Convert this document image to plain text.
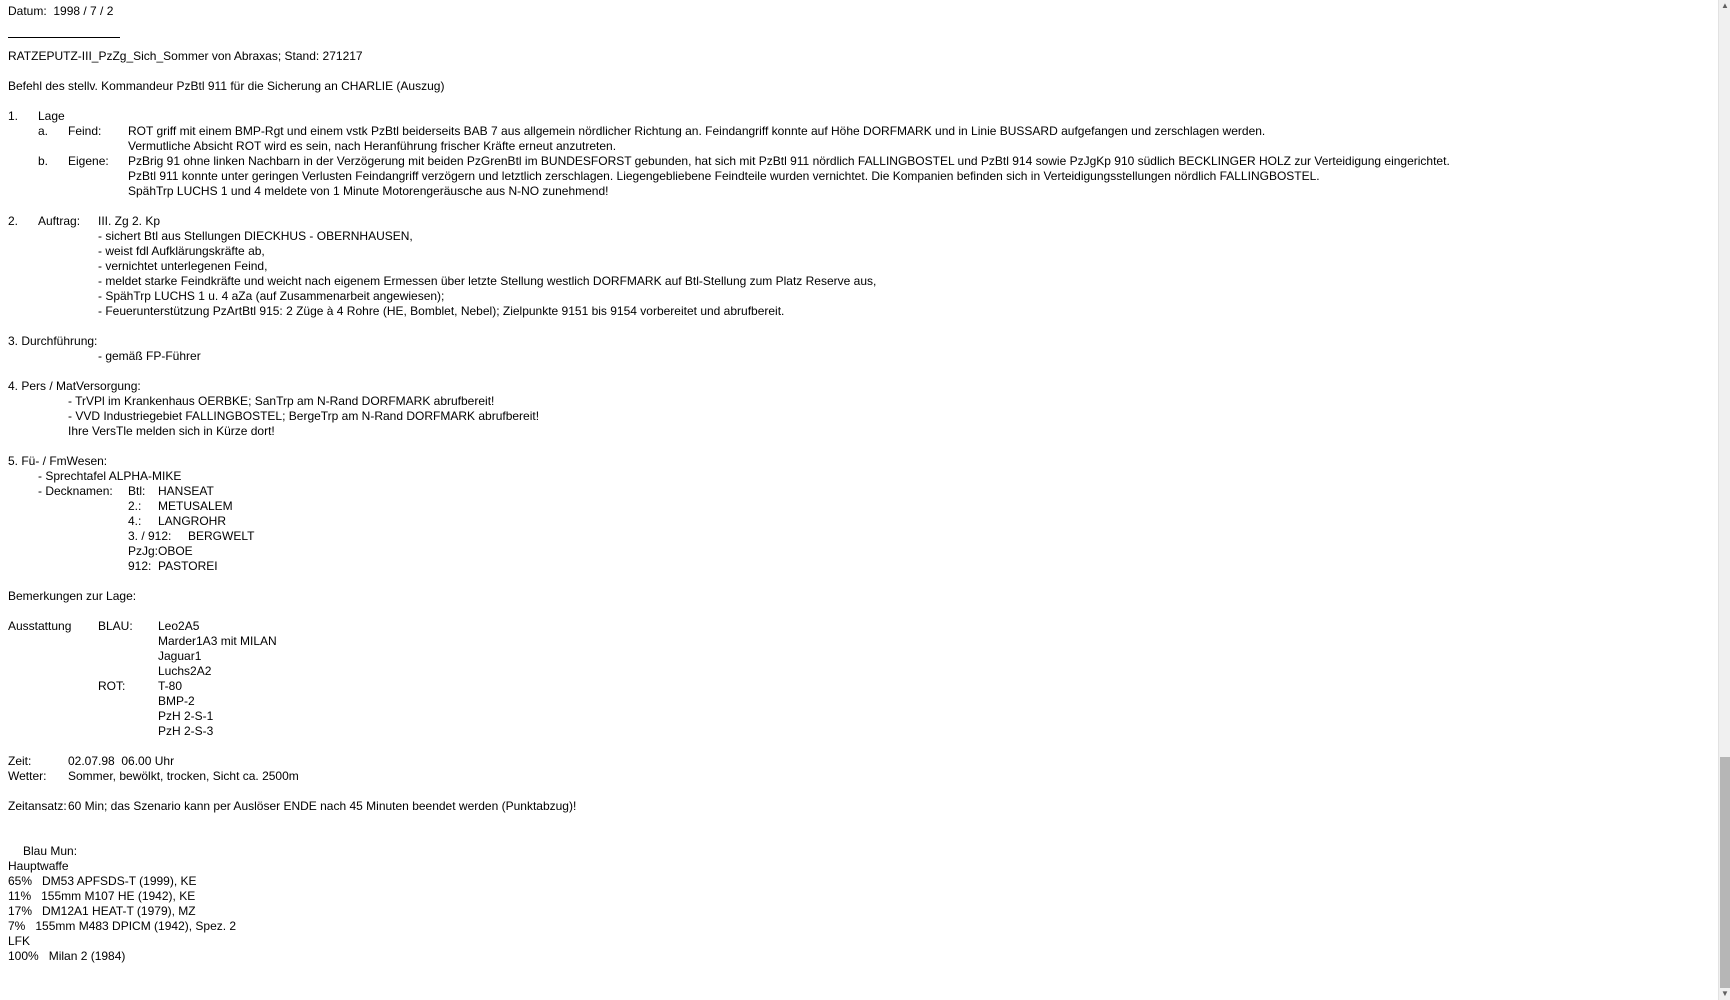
Datum:  1998 / 7 / 2
RATZEPUTZ-III_PzZg_Sich_Sommer von Abraxas; Stand: 271217
Befehl des stellv. Kommandeur PzBtl 911 für die Sicherung an CHARLIE (Auszug)
1. Lage
a. Feind: ROT griff mit einem BMP-Rgt und einem vstk PzBtl beiderseits BAB 7 aus allgemein nördlicher Richtung an. Feindangriff konnte auf Höhe DORFMARK und in Linie BUSSARD aufgefangen und zerschlagen werden.
Vermutliche Absicht ROT wird es sein, nach Heranführung frischer Kräfte erneut anzutreten.
b. Eigene: PzBrig 91 ohne linken Nachbarn in der Verzögerung mit beiden PzGrenBtl im BUNDESFORST gebunden, hat sich mit PzBtl 911 nördlich FALLINGBOSTEL und PzBtl 914 sowie PzJgKp 910 südlich BECKLINGER HOLZ zur Verteidigung eingerichtet.
PzBtl 911 konnte unter geringen Verlusten Feindangriff verzögern und letztlich zerschlagen. Liegengebliebene Feindteile wurden vernichtet. Die Kompanien befinden sich in Verteidigungsstellungen nördlich FALLINGBOSTEL.
SpähTrp LUCHS 1 und 4 meldete von 1 Minute Motorengeräusche aus N-NO zunehmend!
2. Auftrag: III. Zg 2. Kp
- sichert Btl aus Stellungen DIECKHUS - OBERNHAUSEN,
- weist fdl Aufklärungskräfte ab,
- vernichtet unterlegenen Feind,
- meldet starke Feindkräfte und weicht nach eigenem Ermessen über letzte Stellung westlich DORFMARK auf Btl-Stellung zum Platz Reserve aus,
- SpähTrp LUCHS 1 u. 4 aZa (auf Zusammenarbeit angewiesen);
- Feuerunterstützung PzArtBtl 915: 2 Züge à 4 Rohre (HE, Bomblet, Nebel); Zielpunkte 9151 bis 9154 vorbereitet und abrufbereit.
3. Durchführung:
- gemäß FP-Führer
4. Pers / MatVersorgung:
- TrVPl im Krankenhaus OERBKE; SanTrp am N-Rand DORFMARK abrufbereit!
- VVD Industriegebiet FALLINGBOSTEL; BergeTrp am N-Rand DORFMARK abrufbereit!
Ihre VersTle melden sich in Kürze dort!
5. Fü- / FmWesen:
- Sprechtafel ALPHA-MIKE
- Decknamen: Btl: HANSEAT
2.: METUSALEM
4.: LANGROHR
3. / 912: BERGWELT
PzJg: OBOE
912: PASTOREI
Bemerkungen zur Lage:
Ausstattung BLAU: Leo2A5
Marder1A3 mit MILAN
Jaguar1
Luchs2A2
ROT:	T-80
BMP-2
PzH 2-S-1
PzH 2-S-3
Zeit:	02.07.98  06.00 Uhr
Wetter: Sommer, bewölkt, trocken, Sicht ca. 2500m
Zeitansatz: 60 Min; das Szenario kann per Auslöser ENDE nach 45 Minuten beendet werden (Punktabzug)!
Blau Mun:
Hauptwaffe
65%   DM53 APFSDS-T (1999), KE
11%   155mm M107 HE (1942), KE
17%   DM12A1 HEAT-T (1979), MZ
7%   155mm M483 DPICM (1942), Spez. 2
LFK
100%   Milan 2 (1984)
▲
▼
